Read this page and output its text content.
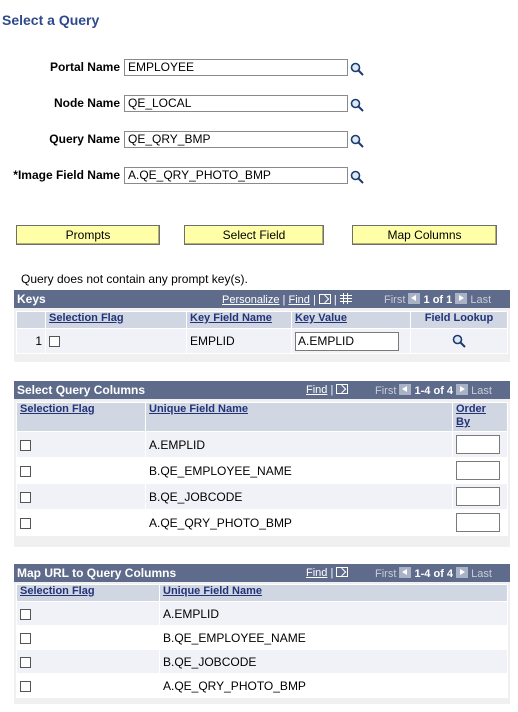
Select a Query
Portal Name EMPLOYEE
Node Name QE_LOCAL
Query Name QE_QRY_BMP
*Image Field Name A.QE_QRY_PHOTO_BMP
Prompts	Select Field	Map Columns
Query does not contain any prompt key(s).
Keys	Personalize | Find | |	First 1 of 1 Last
	Selection Flag	Key Field Name	Key Value	Field Lookup
1		EMPLID	A.EMPLID

Select Query Columns	Find |	First 1-4 of 4 Last
Selection Flag	Unique Field Name	Order
By
	A.EMPLID	

	B.QE_EMPLOYEE_NAME	

	B.QE_JOBCODE	

	A.QE_QRY_PHOTO_BMP	
Map URL to Query Columns	Find |	First 1-4 of 4 Last
Selection Flag	Unique Field Name
	A.EMPLID
	B.QE_EMPLOYEE_NAME
	B.QE_JOBCODE
	A.QE_QRY_PHOTO_BMP
